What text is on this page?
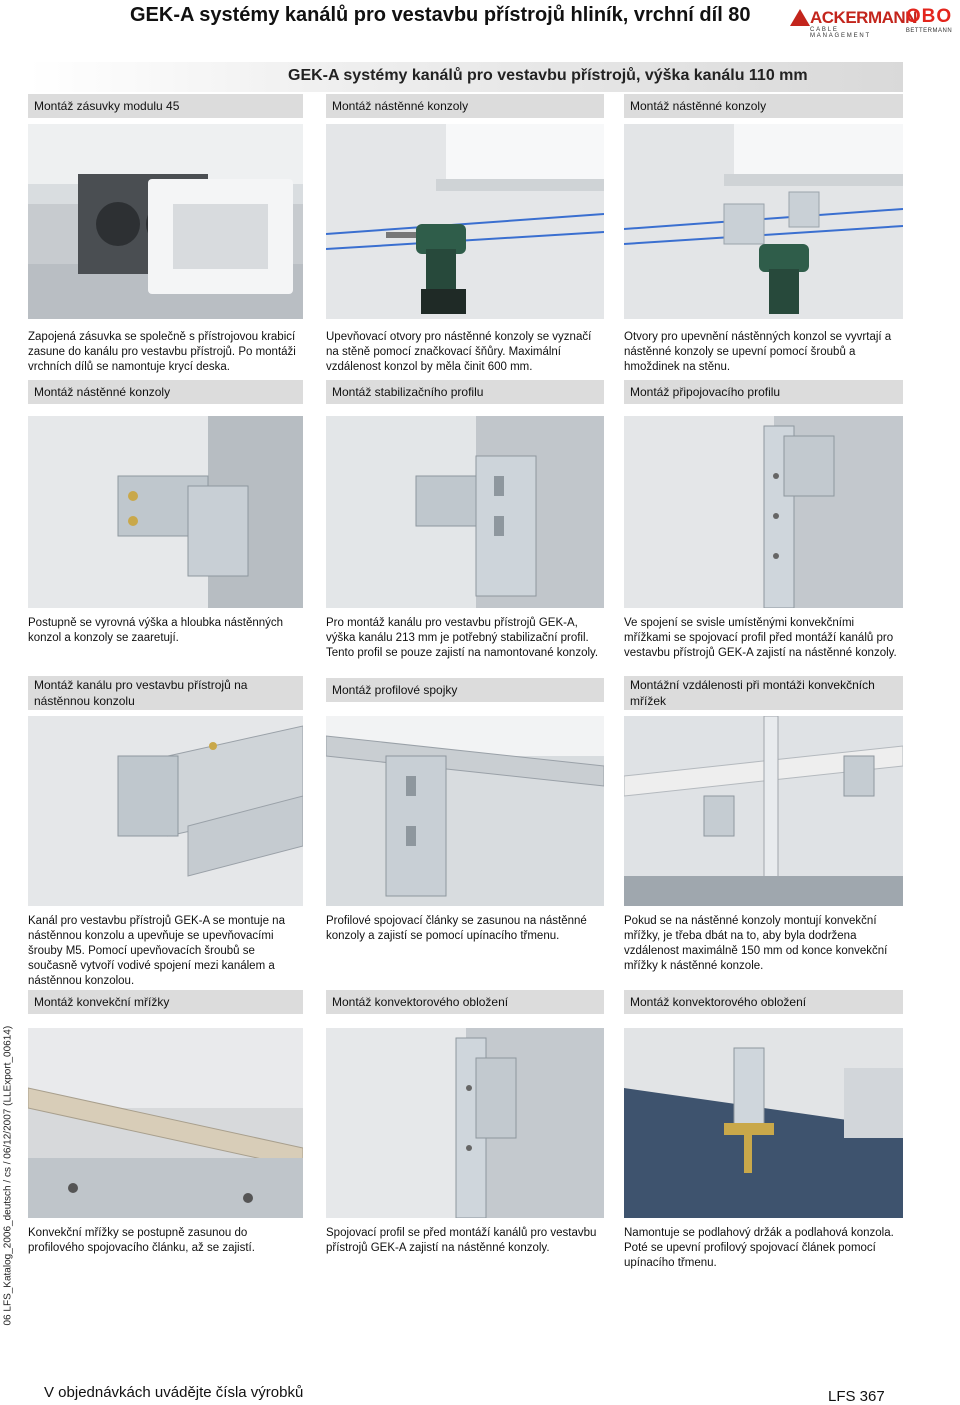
GEK-A systémy kanálů pro vestavbu přístrojů hliník, vrchní díl 80	ACKERMANN
CABLE MANAGEMENT
OBO
BETTERMANN
GEK-A systémy kanálů pro vestavbu přístrojů, výška kanálu 110 mm
Montáž zásuvky modulu 45	Montáž nástěnné konzoly	Montáž nástěnné konzoly
Zapojená zásuvka se společně s přístrojovou krabicí zasune do kanálu pro vestavbu přístrojů. Po montáži vrchních dílů se namontuje krycí deska.
Upevňovací otvory pro nástěnné konzoly se vyznačí na stěně pomocí značkovací šňůry. Maximální vzdálenost konzol by měla činit 600 mm.
Otvory pro upevnění nástěnných konzol se vyvrtají a nástěnné konzoly se upevní pomocí šroubů a hmoždinek na stěnu.
Montáž nástěnné konzoly	Montáž stabilizačního profilu	Montáž připojovacího profilu
Postupně se vyrovná výška a hloubka nástěnných konzol a konzoly se zaaretují.
Pro montáž kanálu pro vestavbu přístrojů GEK-A, výška kanálu 213 mm je potřebný stabilizační profil. Tento profil se pouze zajistí na namontované konzoly.
Ve spojení se svisle umístěnými konvekčními mřížkami se spojovací profil před montáží kanálů pro vestavbu přístrojů GEK-A zajistí na nástěnné konzoly.
Montáž kanálu pro vestavbu přístrojů na nástěnnou konzolu
Montáž profilové spojky	Montážní vzdálenosti při montáži konvekčních mřížek
Kanál pro vestavbu přístrojů GEK-A se montuje na nástěnnou konzolu a upevňuje se upevňovacími šrouby M5. Pomocí upevňovacích šroubů se současně vytvoří vodivé spojení mezi kanálem a nástěnnou konzolou.
Profilové spojovací články se zasunou na nástěnné konzoly a zajistí se pomocí upínacího třmenu.
Pokud se na nástěnné konzoly montují konvekční mřížky, je třeba dbát na to, aby byla dodržena vzdálenost maximálně 150 mm od konce konvekční mřížky k nástěnné konzole.
Montáž konvekční mřížky	Montáž konvektorového obložení	Montáž konvektorového obložení
Konvekční mřížky se postupně zasunou do profilového spojovacího článku, až se zajistí.
Spojovací profil se před montáží kanálů pro vestavbu přístrojů GEK-A zajistí na nástěnné konzoly.
Namontuje se podlahový držák a podlahová konzola. Poté se upevní profilový spojovací článek pomocí upínacího třmenu.
06 LFS_Katalog_2006_deutsch / cs / 06/12/2007 (LLExport_00614)
V objednávkách uvádějte čísla výrobků	LFS 367
